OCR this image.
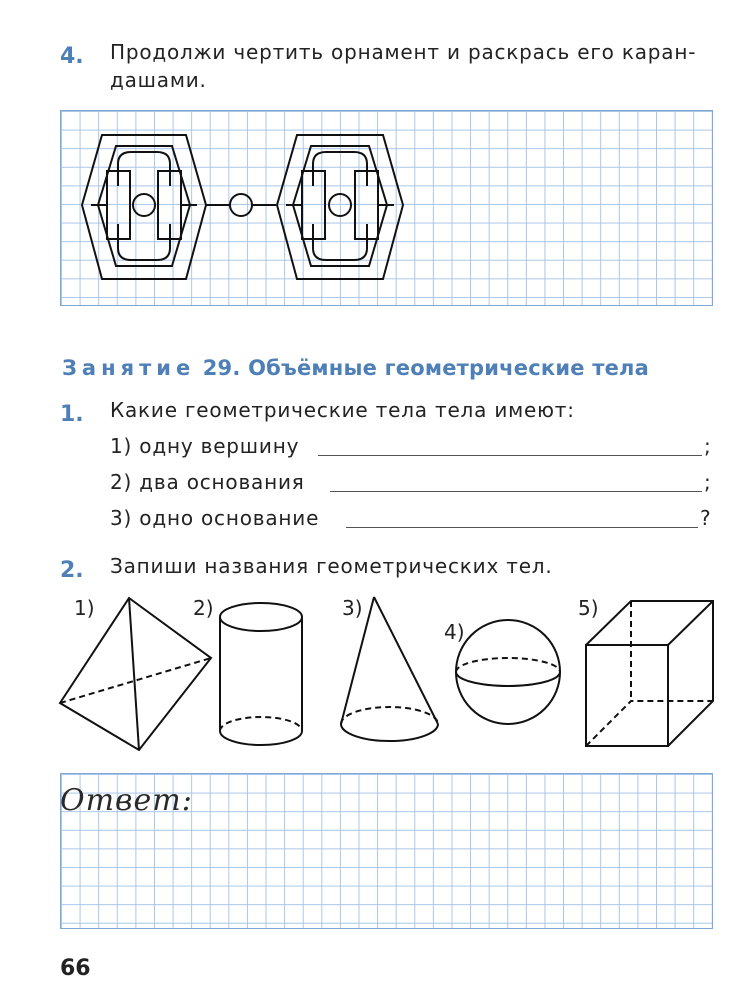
4. Продолжи чертить орнамент и раскрась его каран-
дашами.
Занятие 29. Объёмные геометрические тела
1. Какие геометрические тела тела имеют:
1) одну вершину	;
2) два основания	;
3) одно основание	?
2. Запиши названия геометрических тел.
1)	2)	3)
4)
5)
Ответ:
66
